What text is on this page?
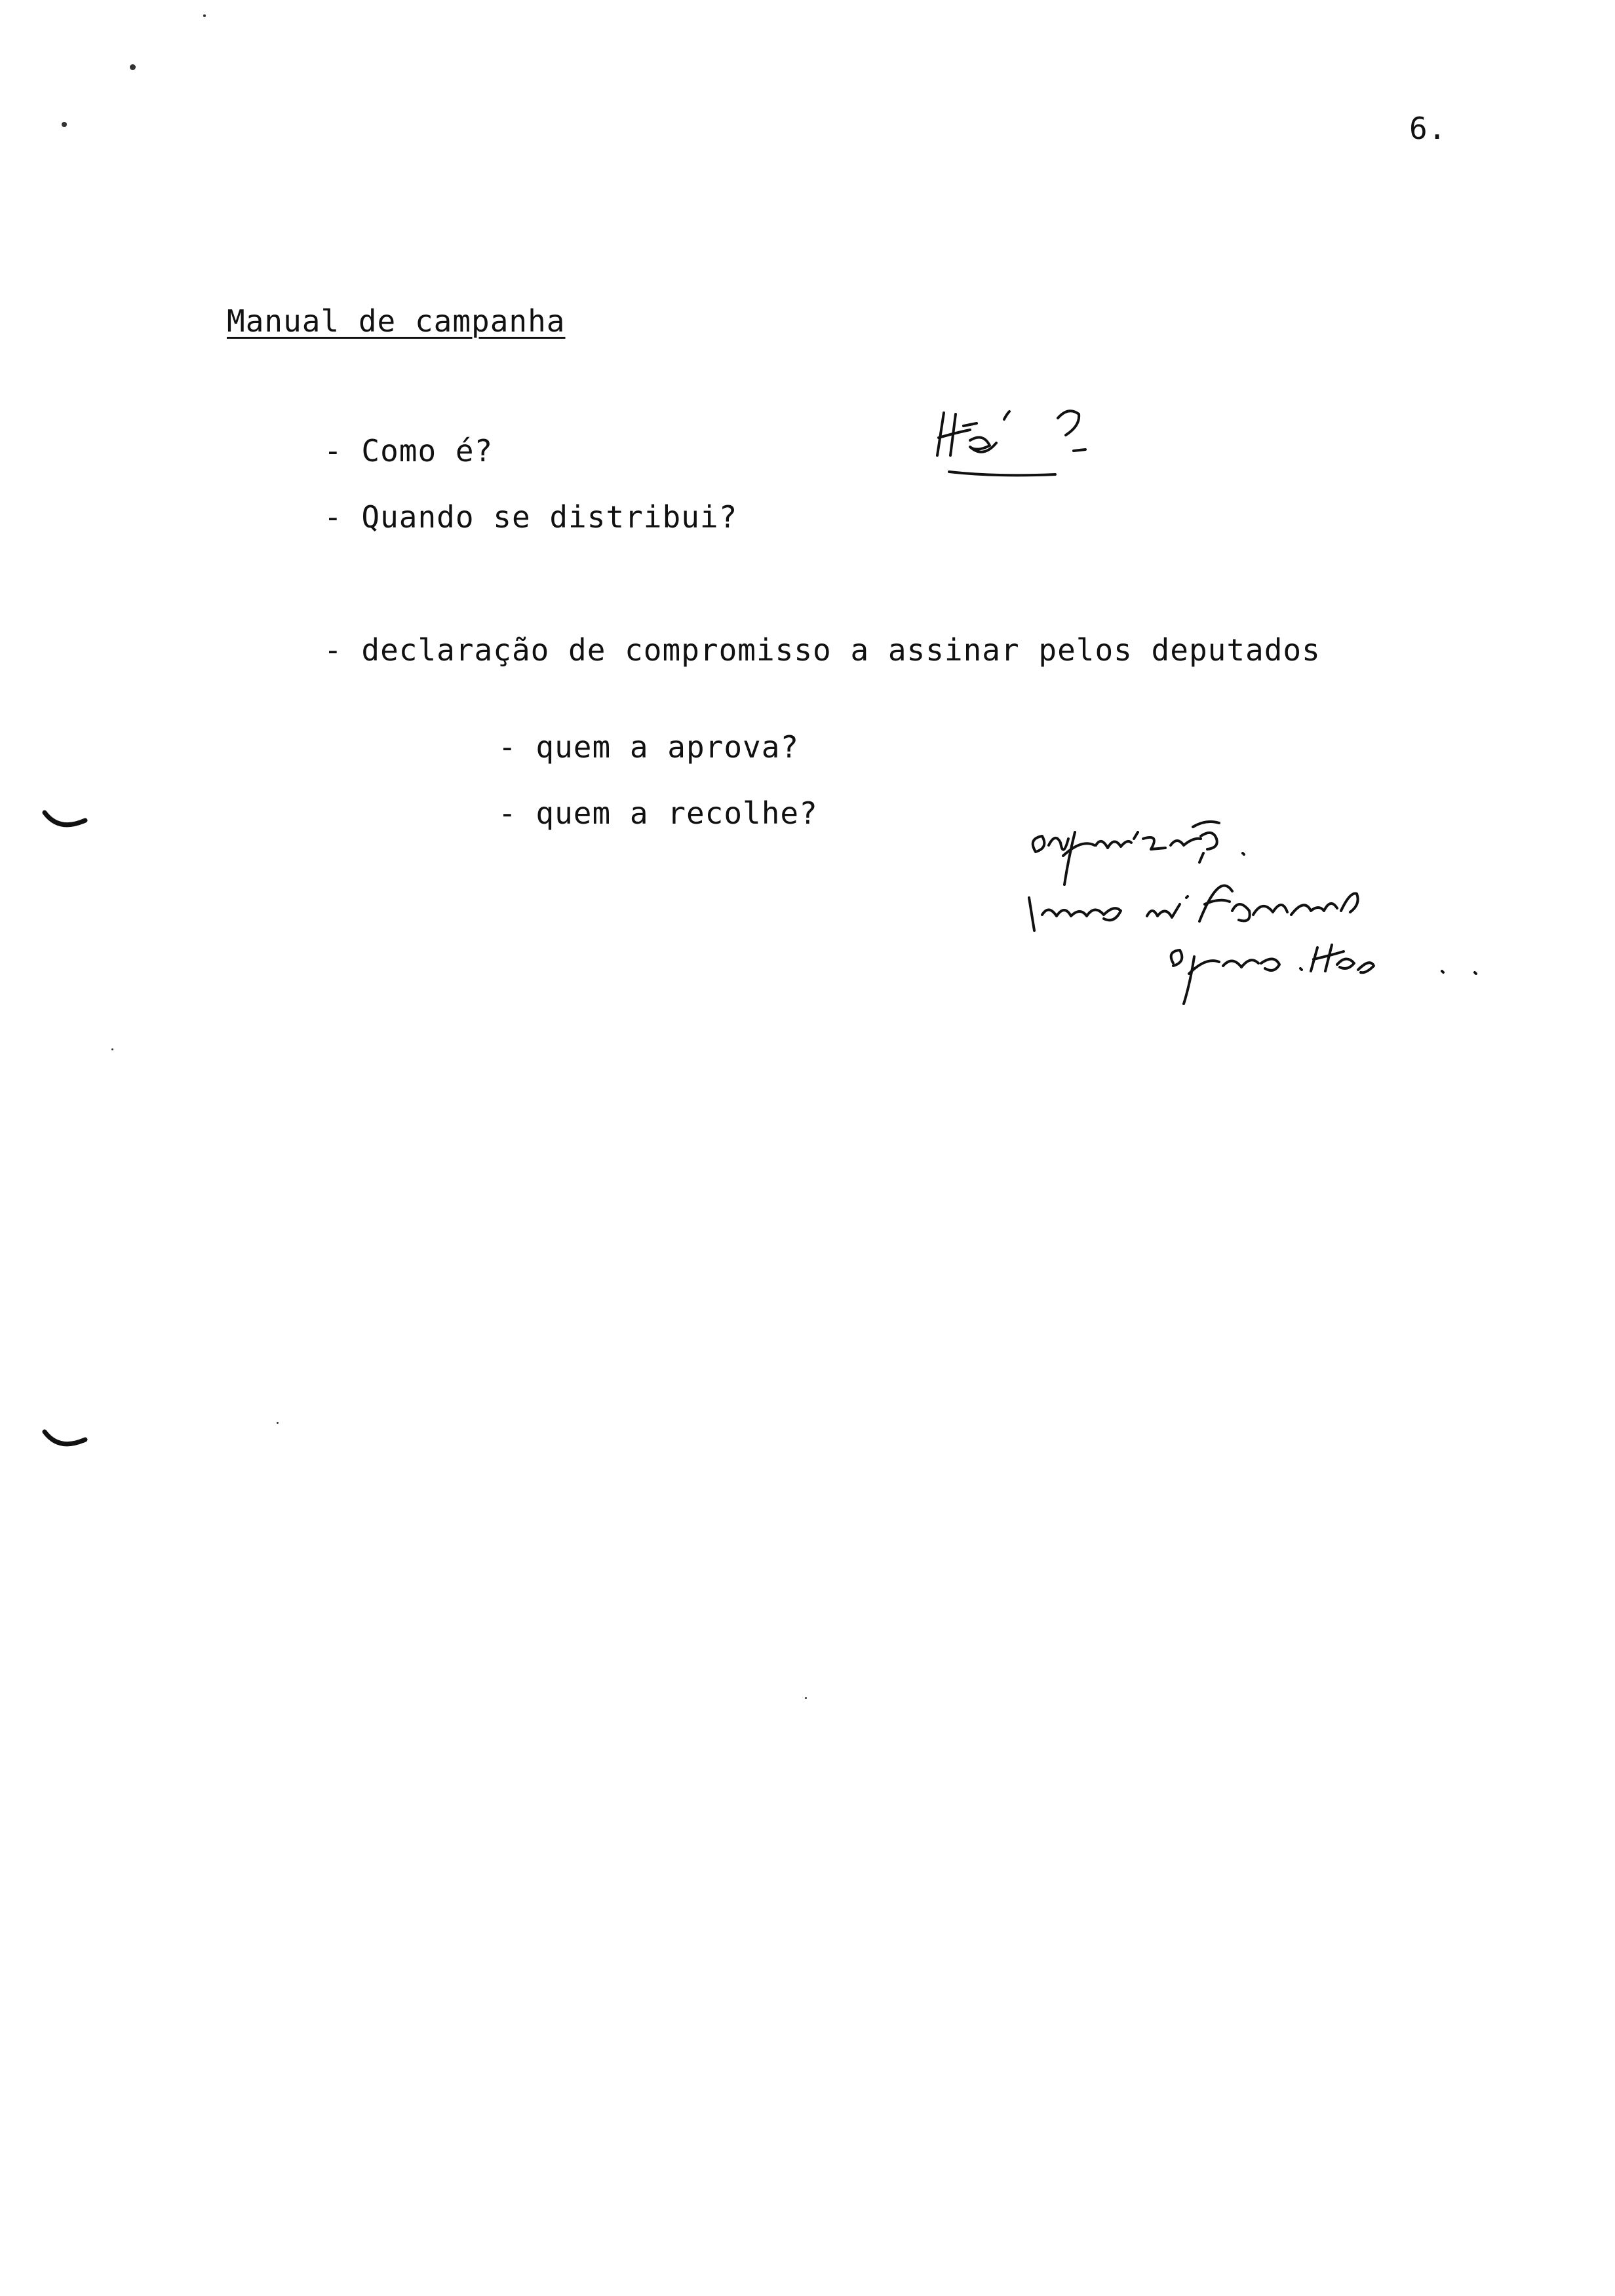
6.
Manual de campanha
- Como é?
- Quando se distribui?
- declaração de compromisso a assinar pelos deputados
- quem a aprova?
- quem a recolhe?
